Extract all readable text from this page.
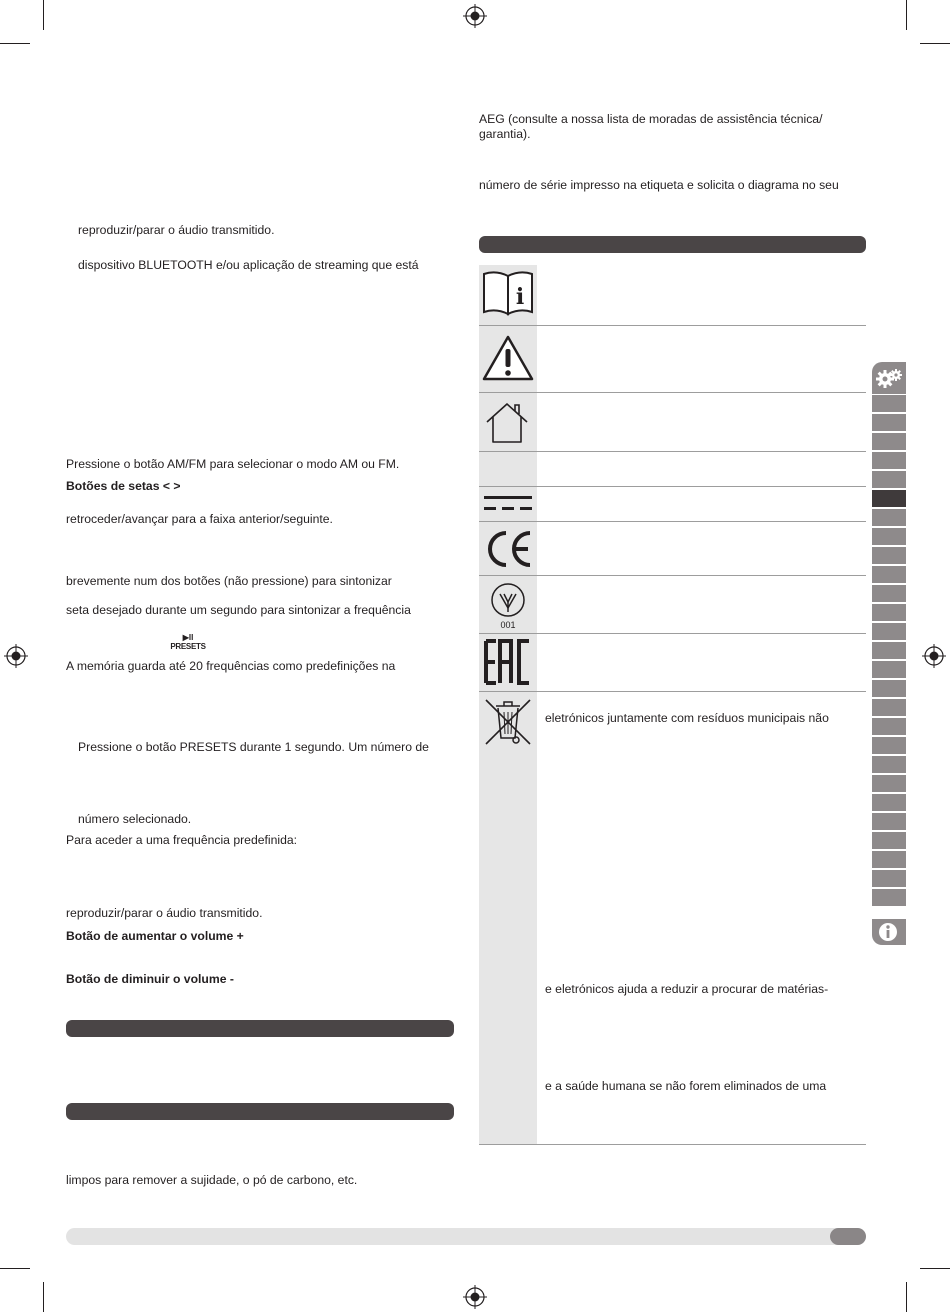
reproduzir/parar o áudio transmitido.
dispositivo BLUETOOTH e/ou aplicação de streaming que está
Pressione o botão AM/FM para selecionar o modo AM ou FM.
Botões de setas < >
retroceder/avançar para a faixa anterior/seguinte.
brevemente num dos botões (não pressione) para sintonizar
seta desejado durante um segundo para sintonizar a frequência
▶II
PRESETS
A memória guarda até 20 frequências como predefinições na
Pressione o botão PRESETS durante 1 segundo. Um número de
número selecionado.
Para aceder a uma frequência predefinida:
reproduzir/parar o áudio transmitido.
Botão de aumentar o volume +
Botão de diminuir o volume -
limpos para remover a sujidade, o pó de carbono, etc.
AEG (consulte a nossa lista de moradas de assistência técnica/
garantia).
número de série impresso na etiqueta e solicita o diagrama no seu
i
001
eletrónicos juntamente com resíduos municipais não
e eletrónicos ajuda a reduzir a procurar de matérias-
e a saúde humana se não forem eliminados de uma
